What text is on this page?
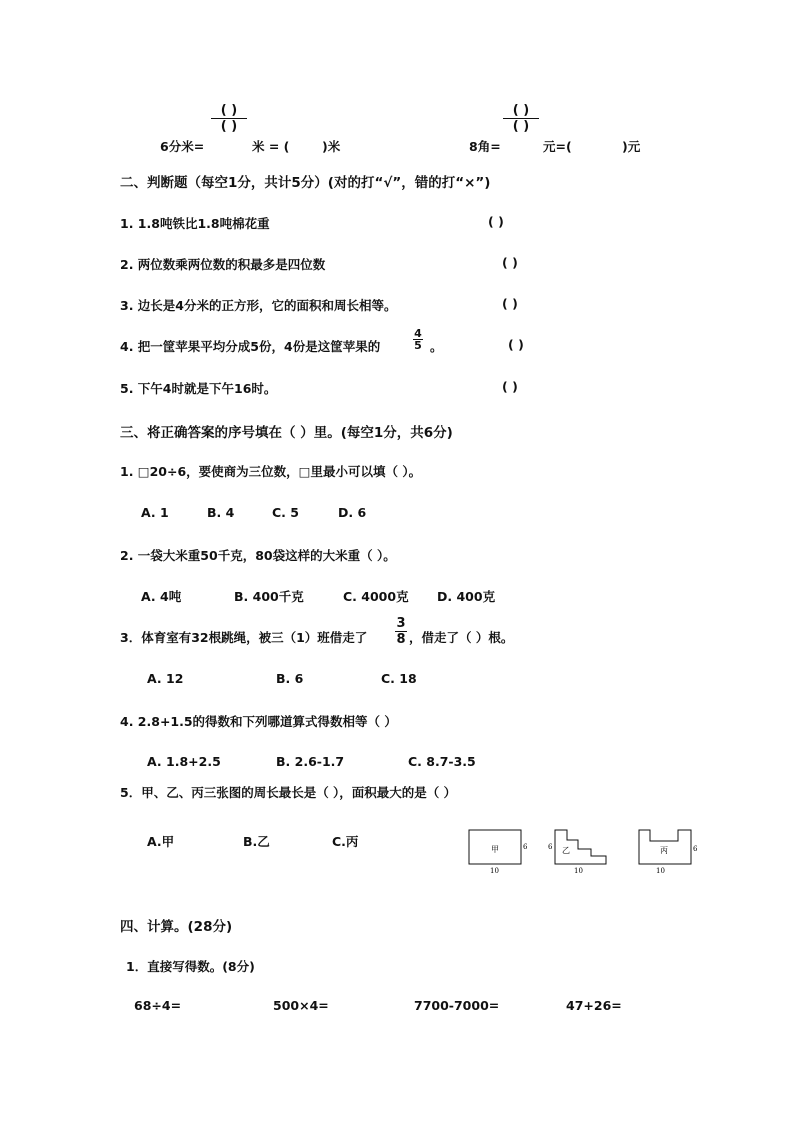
6分米=
( )
( )
米 = (	)米	8角=
( )
( )
元=(	)元
二、判断题（每空1分，共计5分）(对的打“√”，错的打“×”)
1. 1.8吨铁比1.8吨棉花重	( )
2. 两位数乘两位数的积最多是四位数	( )
3. 边长是4分米的正方形，它的面积和周长相等。	( )
4. 把一筐苹果平均分成5份，4份是这筐苹果的
4
5 。	( )
5. 下午4时就是下午16时。	( )
三、将正确答案的序号填在（ ）里。(每空1分，共6分)
1. □20÷6，要使商为三位数，□里最小可以填（ ）。
A. 1	B. 4	C. 5	D. 6
2. 一袋大米重50千克，80袋这样的大米重（ ）。
A. 4吨	B. 400千克	C. 4000克 D. 400克
3．体育室有32根跳绳，被三（1）班借走了
3
8 ，借走了（ ）根。
A. 12	B. 6	C. 18
4. 2.8+1.5的得数和下列哪道算式得数相等（ ）
A. 1.8+2.5	B. 2.6-1.7	C. 8.7-3.5
5．甲、乙、丙三张图的周长最长是（ ），面积最大的是（ ）
A.甲	B.乙	C.丙
甲	6
10
乙
6
10
丙	6
10
四、计算。(28分)
1．直接写得数。(8分)
68÷4=	500×4=	7700-7000=	47+26=
